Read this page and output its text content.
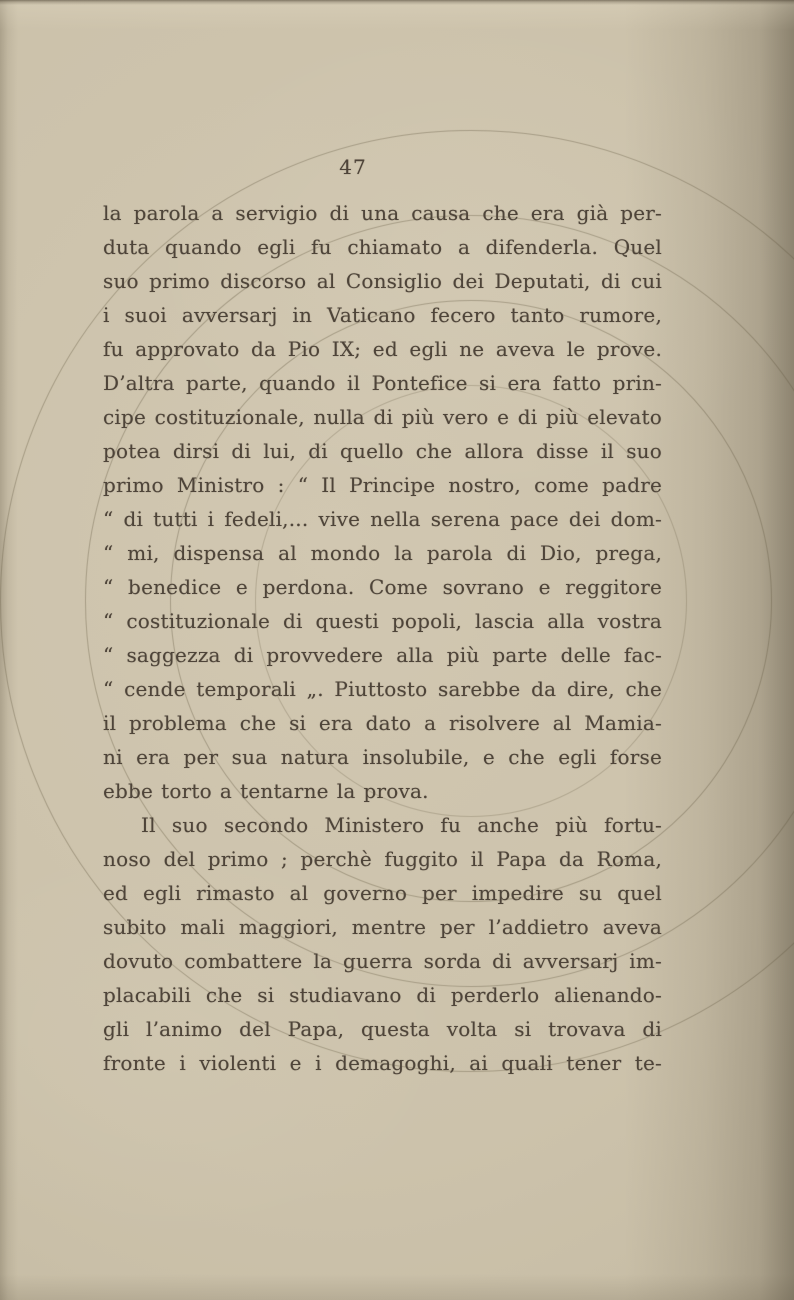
47
la parola a servigio di una causa che era già per-
duta quando egli fu chiamato a difenderla. Quel
suo primo discorso al Consiglio dei Deputati, di cui
i suoi avversarj in Vaticano fecero tanto rumore,
fu approvato da Pio IX; ed egli ne aveva le prove.
D’altra parte, quando il Pontefice si era fatto prin-
cipe costituzionale, nulla di più vero e di più elevato
potea dirsi di lui, di quello che allora disse il suo
primo Ministro : “ Il Principe nostro, come padre
“ di tutti i fedeli,... vive nella serena pace dei dom-
“ mi, dispensa al mondo la parola di Dio, prega,
“ benedice e perdona. Come sovrano e reggitore
“ costituzionale di questi popoli, lascia alla vostra
“ saggezza di provvedere alla più parte delle fac-
“ cende temporali „. Piuttosto sarebbe da dire, che
il problema che si era dato a risolvere al Mamia-
ni era per sua natura insolubile, e che egli forse
ebbe torto a tentarne la prova.
Il suo secondo Ministero fu anche più fortu-
noso del primo ; perchè fuggito il Papa da Roma,
ed egli rimasto al governo per impedire su quel
subito mali maggiori, mentre per l’addietro aveva
dovuto combattere la guerra sorda di avversarj im-
placabili che si studiavano di perderlo alienando-
gli l’animo del Papa, questa volta si trovava di
fronte i violenti e i demagoghi, ai quali tener te-
